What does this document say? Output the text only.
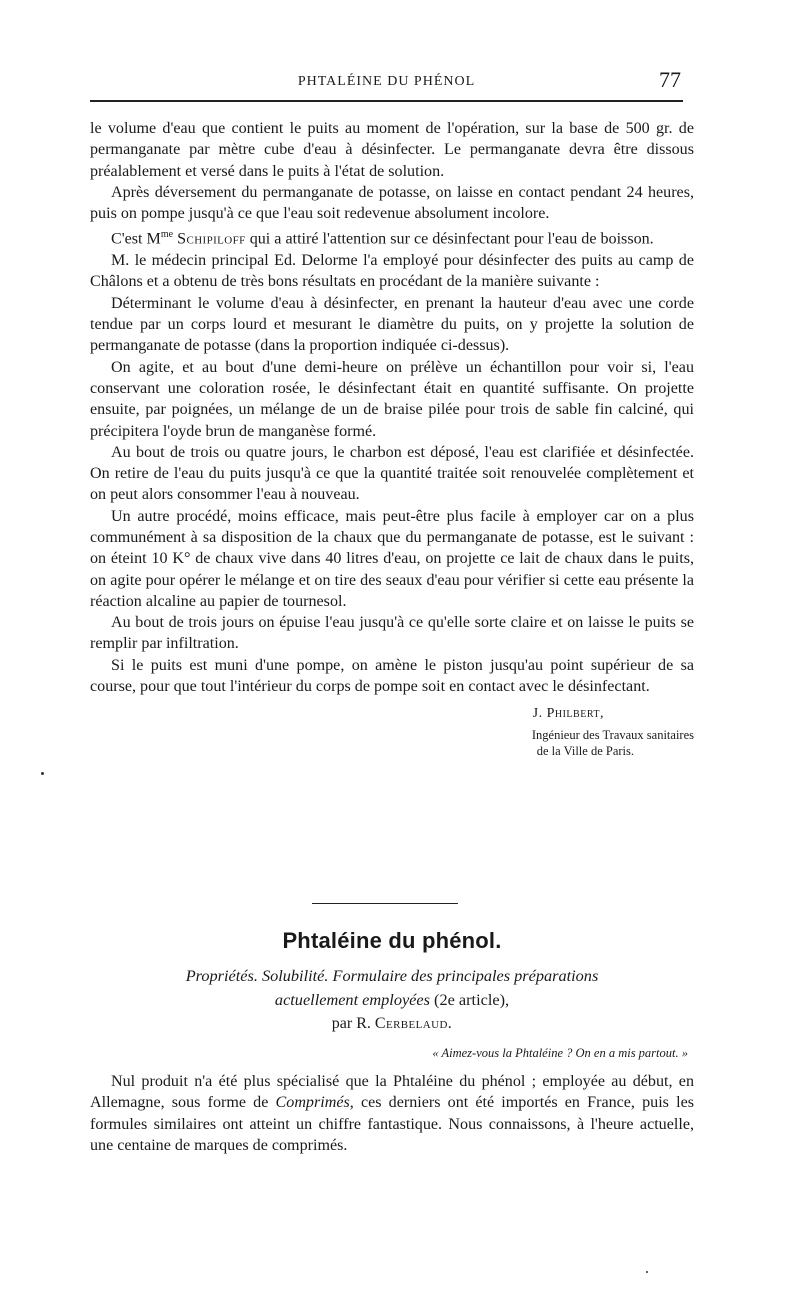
PHTALÉINE DU PHÉNOL	77

le volume d'eau que contient le puits au moment de l'opération, sur la base de 500 gr. de permanganate par mètre cube d'eau à désinfecter. Le permanganate devra être dissous préalablement et versé dans le puits à l'état de solution.

Après déversement du permanganate de potasse, on laisse en contact pendant 24 heures, puis on pompe jusqu'à ce que l'eau soit redevenue absolument incolore.

C'est $M^{me}$ Schipiloff qui a attiré l'attention sur ce désinfectant pour l'eau de boisson.

M. le médecin principal Ed. Delorme l'a employé pour désinfecter des puits au camp de Châlons et a obtenu de très bons résultats en procédant de la manière suivante :

Déterminant le volume d'eau à désinfecter, en prenant la hauteur d'eau avec une corde tendue par un corps lourd et mesurant le diamètre du puits, on y projette la solution de permanganate de potasse (dans la proportion indiquée ci-dessus).

On agite, et au bout d'une demi-heure on prélève un échantillon pour voir si, l'eau conservant une coloration rosée, le désinfectant était en quantité suffisante. On projette ensuite, par poignées, un mélange de un de braise pilée pour trois de sable fin calciné, qui précipitera l'oyde brun de manganèse formé.

Au bout de trois ou quatre jours, le charbon est déposé, l'eau est clarifiée et désinfectée. On retire de l'eau du puits jusqu'à ce que la quantité traitée soit renouvelée complètement et on peut alors consommer l'eau à nouveau.

Un autre procédé, moins efficace, mais peut-être plus facile à employer car on a plus communément à sa disposition de la chaux que du permanganate de potasse, est le suivant : on éteint 10 K° de chaux vive dans 40 litres d'eau, on projette ce lait de chaux dans le puits, on agite pour opérer le mélange et on tire des seaux d'eau pour vérifier si cette eau présente la réaction alcaline au papier de tournesol.

Au bout de trois jours on épuise l'eau jusqu'à ce qu'elle sorte claire et on laisse le puits se remplir par infiltration.

Si le puits est muni d'une pompe, on amène le piston jusqu'au point supérieur de sa course, pour que tout l'intérieur du corps de pompe soit en contact avec le désinfectant.

J. Philbert,
Ingénieur des Travaux sanitaires
de la Ville de Paris.
Phtaléine du phénol.
Propriétés. Solubilité. Formulaire des principales préparations
actuellement employées (2e article),
par R. Cerbelaud.
« Aimez-vous la Phtaléine ? On en a mis partout. »

Nul produit n'a été plus spécialisé que la Phtaléine du phénol ; employée au début, en Allemagne, sous forme de Comprimés, ces derniers ont été importés en France, puis les formules similaires ont atteint un chiffre fantastique. Nous connaissons, à l'heure actuelle, une centaine de marques de comprimés.
